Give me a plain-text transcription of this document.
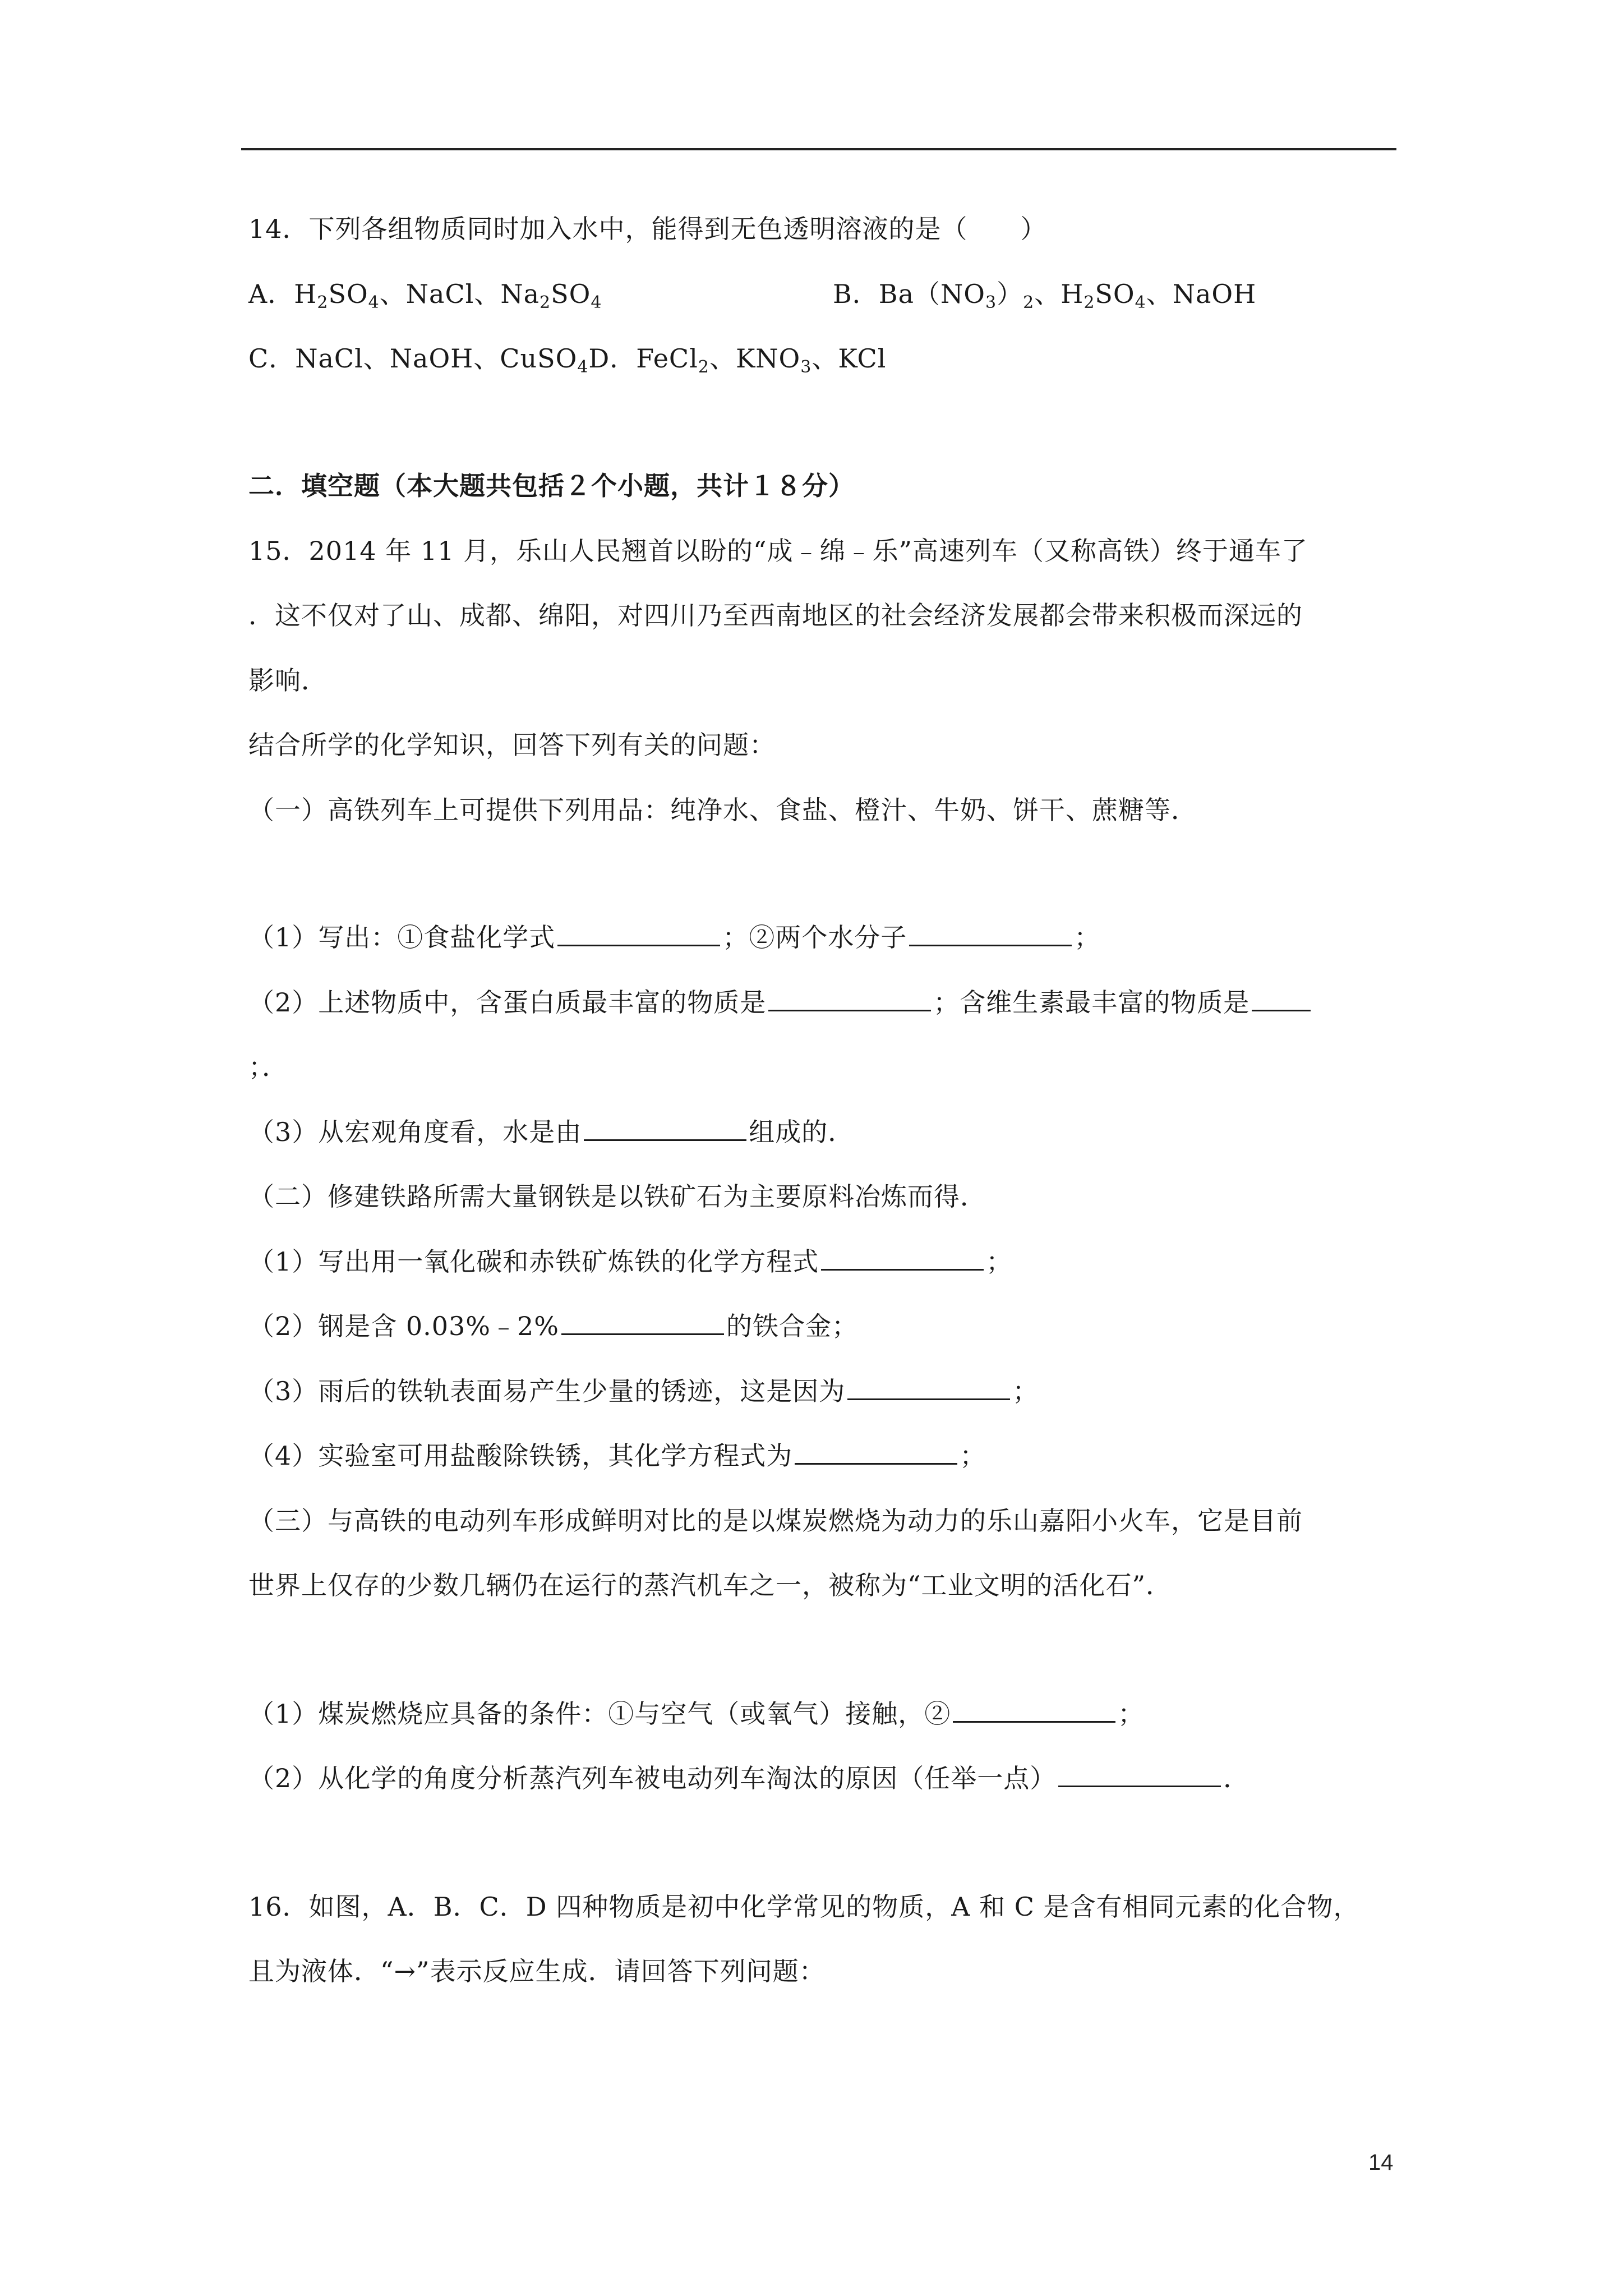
14．下列各组物质同时加入水中，能得到无色透明溶液的是（　　）
A．$H_2SO_4$、NaCl、$Na_2SO_4$	B．$Ba(NO_3)_2$、$H_2SO_4$、NaOH
C．NaCl、NaOH、CuSO$_4$D．FeCl$_2$、$KNO_3$、KCl
二．填空题（本大题共包括２个小题，共计１８分）
15．2014 年 11 月，乐山人民翘首以盼的“成﹣绵﹣乐”高速列车（又称高铁）终于通车了
．这不仅对了山、成都、绵阳，对四川乃至西南地区的社会经济发展都会带来积极而深远的
影响．
结合所学的化学知识，回答下列有关的问题：
（一）高铁列车上可提供下列用品：纯净水、食盐、橙汁、牛奶、饼干、蔗糖等．
（1）写出：①食盐化学式	；②两个水分子	；
（2）上述物质中，含蛋白质最丰富的物质是	；含维生素最丰富的物质是
；．
（3）从宏观角度看，水是由	组成的．
（二）修建铁路所需大量钢铁是以铁矿石为主要原料冶炼而得．
（1）写出用一氧化碳和赤铁矿炼铁的化学方程式	；
（2）钢是含 0.03%﹣2%	的铁合金；
（3）雨后的铁轨表面易产生少量的锈迹，这是因为	；
（4）实验室可用盐酸除铁锈，其化学方程式为	；
（三）与高铁的电动列车形成鲜明对比的是以煤炭燃烧为动力的乐山嘉阳小火车，它是目前
世界上仅存的少数几辆仍在运行的蒸汽机车之一，被称为“工业文明的活化石”．
（1）煤炭燃烧应具备的条件：①与空气（或氧气）接触，②	；
（2）从化学的角度分析蒸汽列车被电动列车淘汰的原因（任举一点）	．
16．如图，A．B．C．D 四种物质是初中化学常见的物质，A 和 C 是含有相同元素的化合物，
且为液体．“→”表示反应生成．请回答下列问题：
14
